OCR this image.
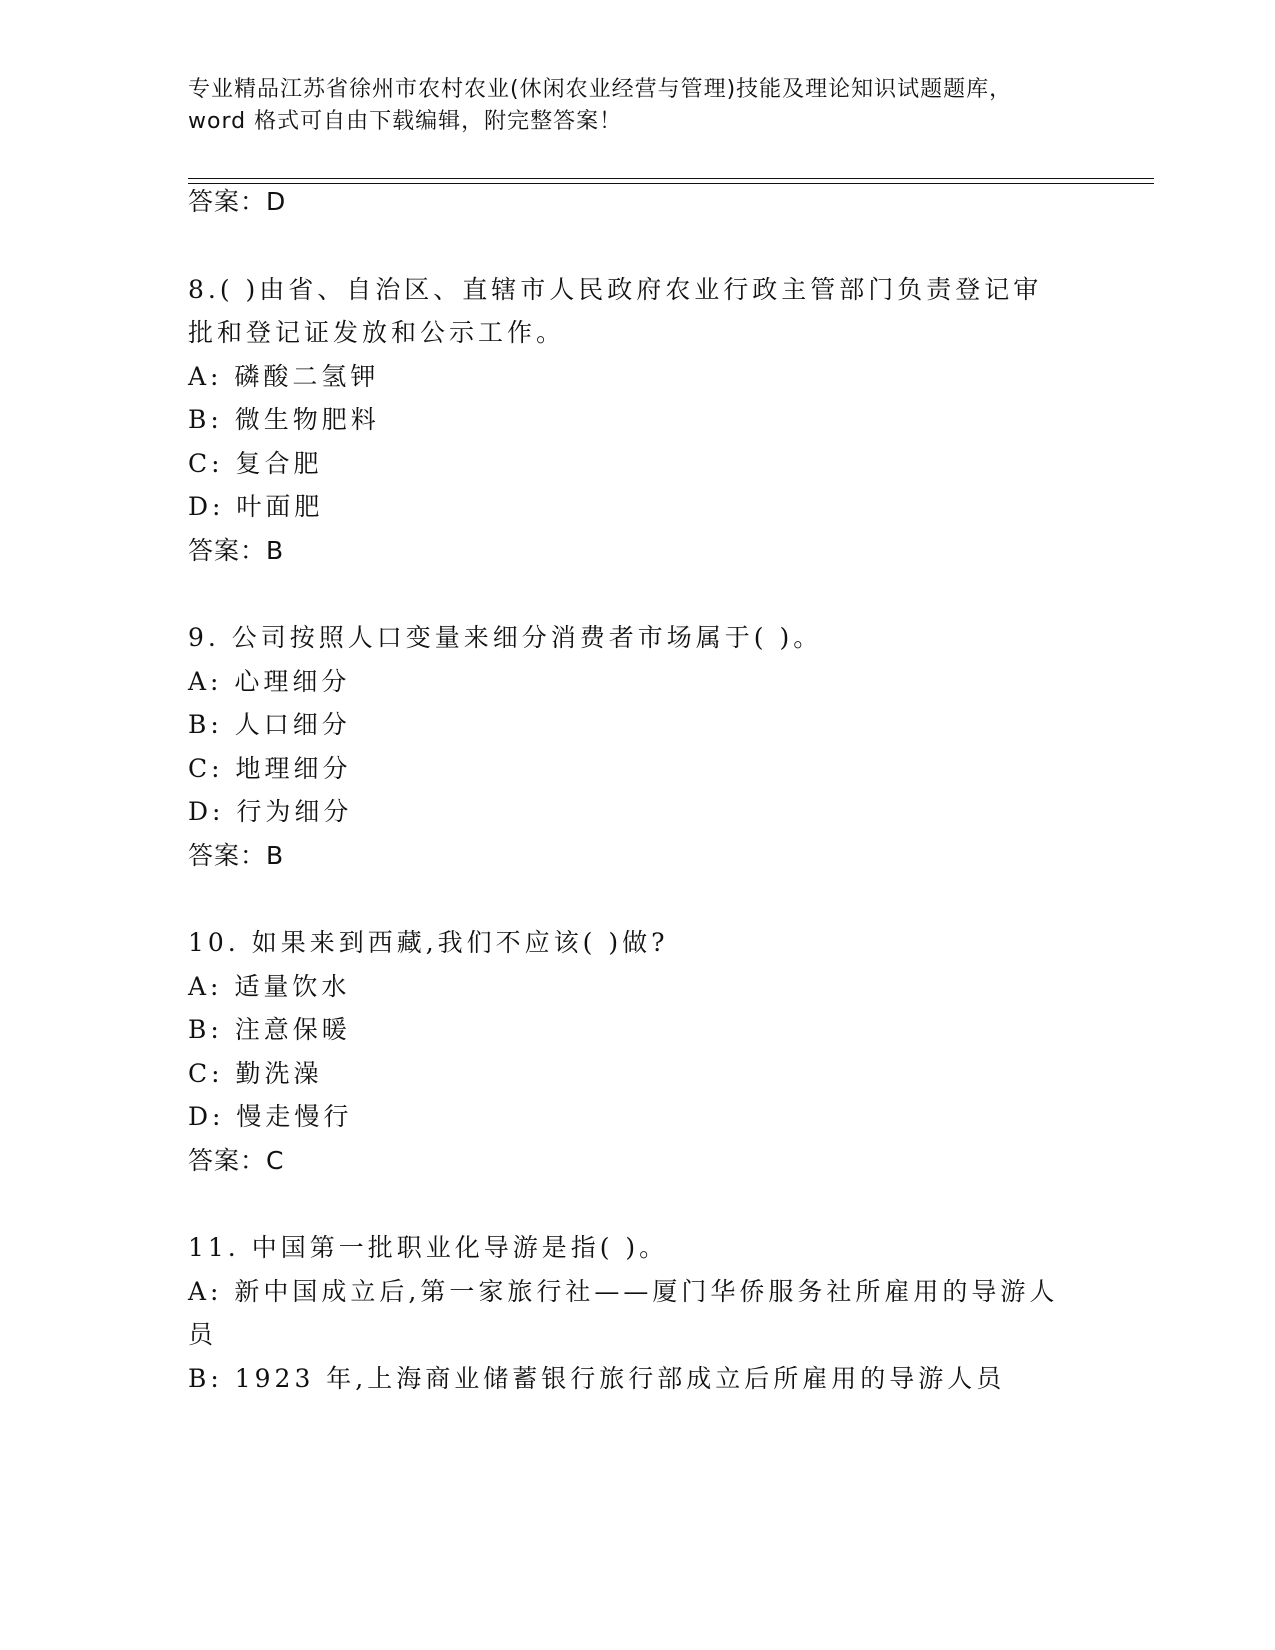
专业精品江苏省徐州市农村农业(休闲农业经营与管理)技能及理论知识试题题库，
word 格式可自由下载编辑，附完整答案！
答案：D
8.( )由省、自治区、直辖市人民政府农业行政主管部门负责登记审
批和登记证发放和公示工作。
A: 磷酸二氢钾
B: 微生物肥料
C: 复合肥
D: 叶面肥
答案：B
9. 公司按照人口变量来细分消费者市场属于( )。
A: 心理细分
B: 人口细分
C: 地理细分
D: 行为细分
答案：B
10. 如果来到西藏,我们不应该( )做?
A: 适量饮水
B: 注意保暖
C: 勤洗澡
D: 慢走慢行
答案：C
11. 中国第一批职业化导游是指( )。
A: 新中国成立后,第一家旅行社——厦门华侨服务社所雇用的导游人
员
B: 1923 年,上海商业储蓄银行旅行部成立后所雇用的导游人员
